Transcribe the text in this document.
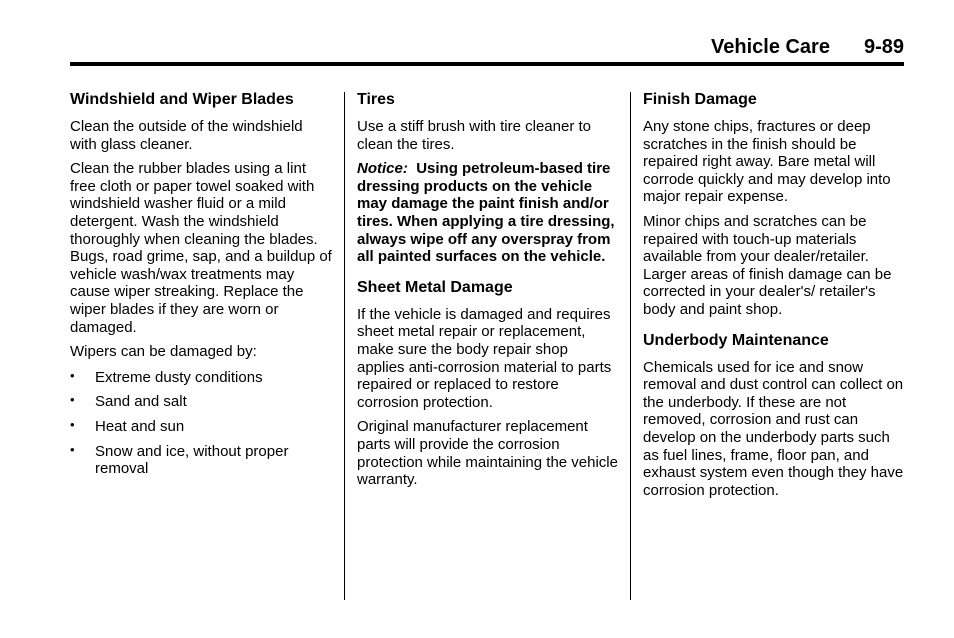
Vehicle Care 9-89
Windshield and Wiper Blades

Clean the outside of the windshield with glass cleaner.

Clean the rubber blades using a lint free cloth or paper towel soaked with windshield washer fluid or a mild detergent. Wash the windshield thoroughly when cleaning the blades. Bugs, road grime, sap, and a buildup of vehicle wash/wax treatments may cause wiper streaking. Replace the wiper blades if they are worn or damaged.

Wipers can be damaged by:

• Extreme dusty conditions
• Sand and salt
• Heat and sun
• Snow and ice, without proper removal
Tires

Use a stiff brush with tire cleaner to clean the tires.

Notice: Using petroleum-based tire dressing products on the vehicle may damage the paint finish and/or tires. When applying a tire dressing, always wipe off any overspray from all painted surfaces on the vehicle.

Sheet Metal Damage

If the vehicle is damaged and requires sheet metal repair or replacement, make sure the body repair shop applies anti-corrosion material to parts repaired or replaced to restore corrosion protection.

Original manufacturer replacement parts will provide the corrosion protection while maintaining the vehicle warranty.

Finish Damage

Any stone chips, fractures or deep scratches in the finish should be repaired right away. Bare metal will corrode quickly and may develop into major repair expense.

Minor chips and scratches can be repaired with touch-up materials available from your dealer/retailer. Larger areas of finish damage can be corrected in your dealer's/ retailer's body and paint shop.

Underbody Maintenance

Chemicals used for ice and snow removal and dust control can collect on the underbody. If these are not removed, corrosion and rust can develop on the underbody parts such as fuel lines, frame, floor pan, and exhaust system even though they have corrosion protection.
